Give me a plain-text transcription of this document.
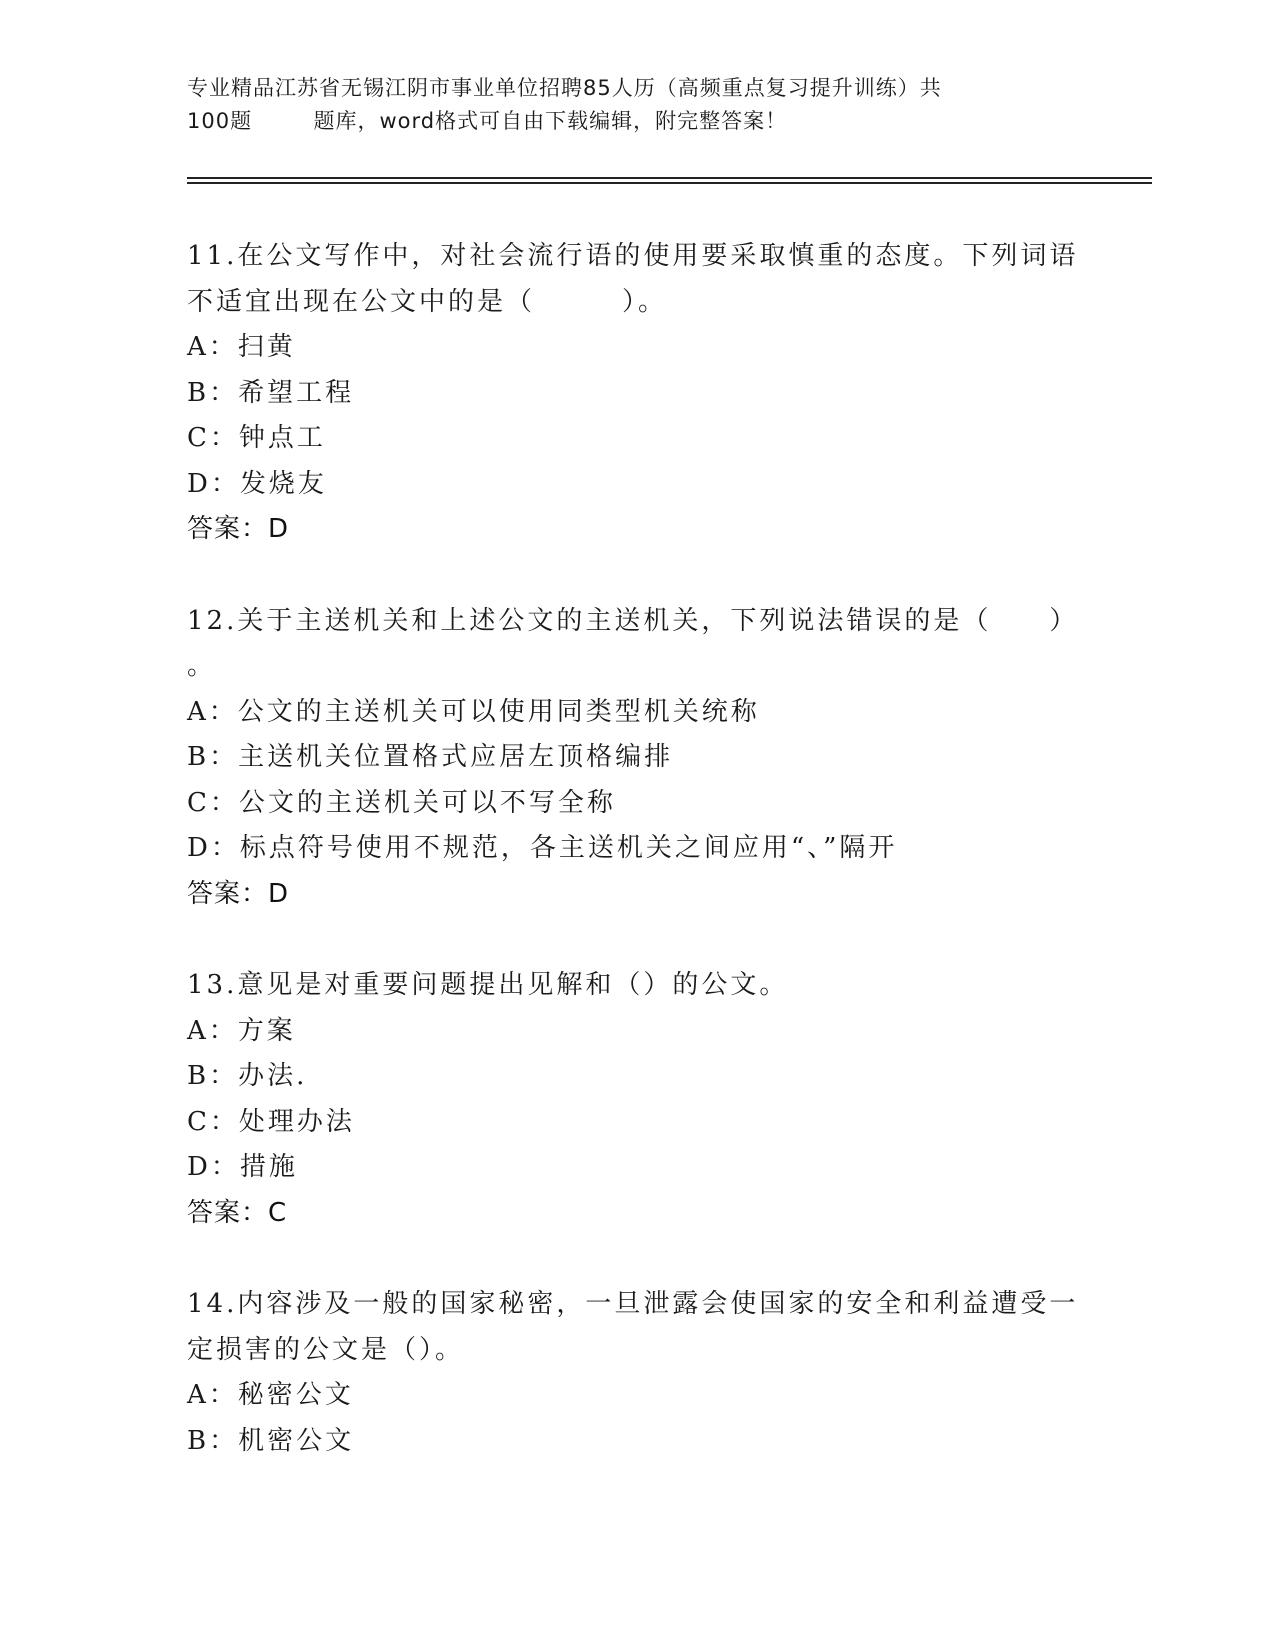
专业精品江苏省无锡江阴市事业单位招聘85人历（高频重点复习提升训练）共
100题        题库，word格式可自由下载编辑，附完整答案！

11.在公文写作中，对社会流行语的使用要采取慎重的态度。下列词语

不适宜出现在公文中的是（　　　）。

A：扫黄

B：希望工程

C：钟点工

D：发烧友

答案：D

12.关于主送机关和上述公文的主送机关，下列说法错误的是（　　）

。

A：公文的主送机关可以使用同类型机关统称

B：主送机关位置格式应居左顶格编排

C：公文的主送机关可以不写全称

D：标点符号使用不规范，各主送机关之间应用“、”隔开

答案：D

13.意见是对重要问题提出见解和（）的公文。

A：方案

B：办法.

C：处理办法

D：措施

答案：C

14.内容涉及一般的国家秘密，一旦泄露会使国家的安全和利益遭受一

定损害的公文是（）。

A：秘密公文

B：机密公文
